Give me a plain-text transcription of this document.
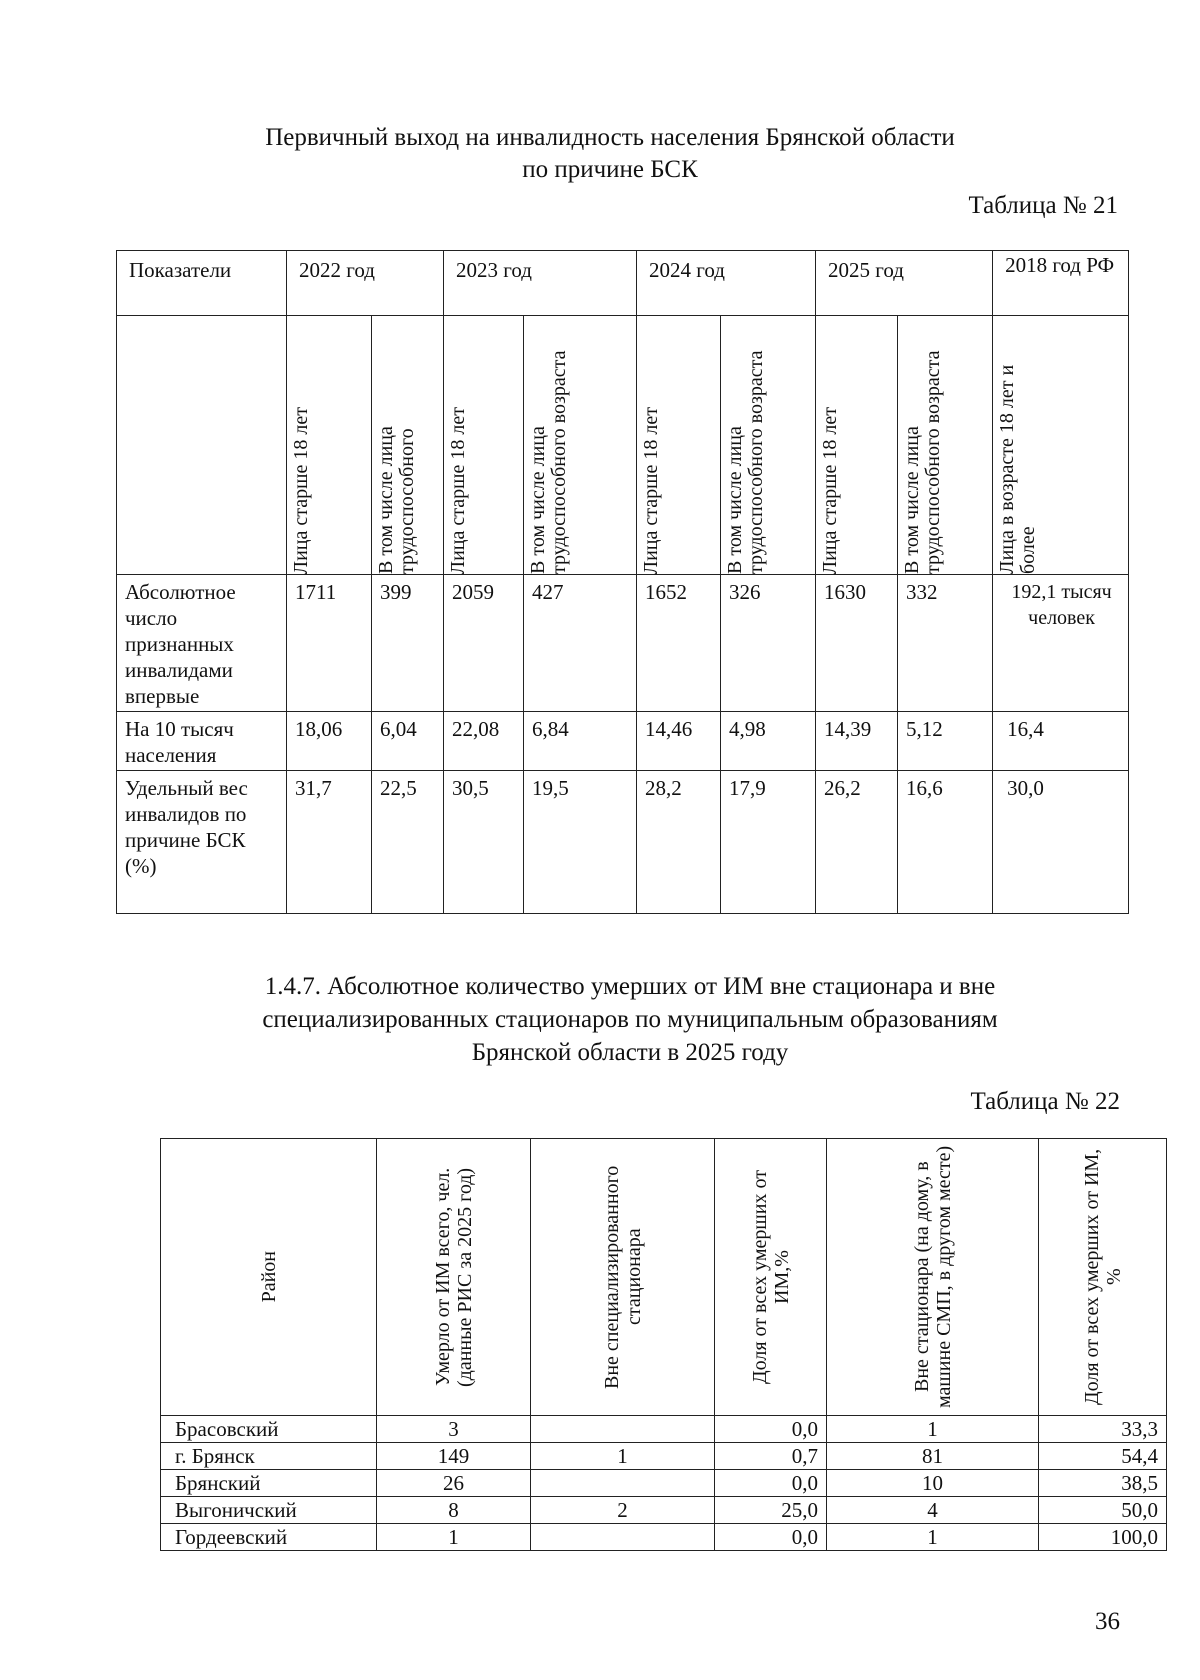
Первичный выход на инвалидность населения Брянской области
по причине БСК
Таблица № 21
Показатели	2022 год		2023 год		2024 год		2025 год		2018 год РФ

	Лица старше 18 лет	В том числе лица трудоспособного	Лица старше 18 лет	В том числе лица трудоспособного возраста	Лица старше 18 лет	В том числе лица трудоспособного возраста	Лица старше 18 лет	В том числе лица трудоспособного возраста	Лица в возрасте 18 лет и более

Абсолютное число признанных инвалидами впервые	1711	399	2059	427	1652	326	1630	332	192,1 тысяч человек
На 10 тысяч населения	18,06	6,04	22,08	6,84	14,46	4,98	14,39	5,12	16,4
Удельный вес инвалидов по причине БСК (%)	31,7	22,5	30,5	19,5	28,2	17,9	26,2	16,6	30,0
1.4.7. Абсолютное количество умерших от ИМ вне стационара и вне
специализированных стационаров по муниципальным образованиям
Брянской области в 2025 году
Таблица № 22
Район	Умерло от ИМ всего, чел. (данные РИС за 2025 год)	Вне специализированного стационара	Доля от всех умерших от ИМ,%	Вне стационара (на дому, в машине СМП, в другом месте)	Доля от всех умерших от ИМ, %

Брасовский	3		0,0	1	33,3
г. Брянск	149	1	0,7	81	54,4
Брянский	26		0,0	10	38,5
Выгоничский	8	2	25,0	4	50,0
Гордеевский	1		0,0	1	100,0
36
